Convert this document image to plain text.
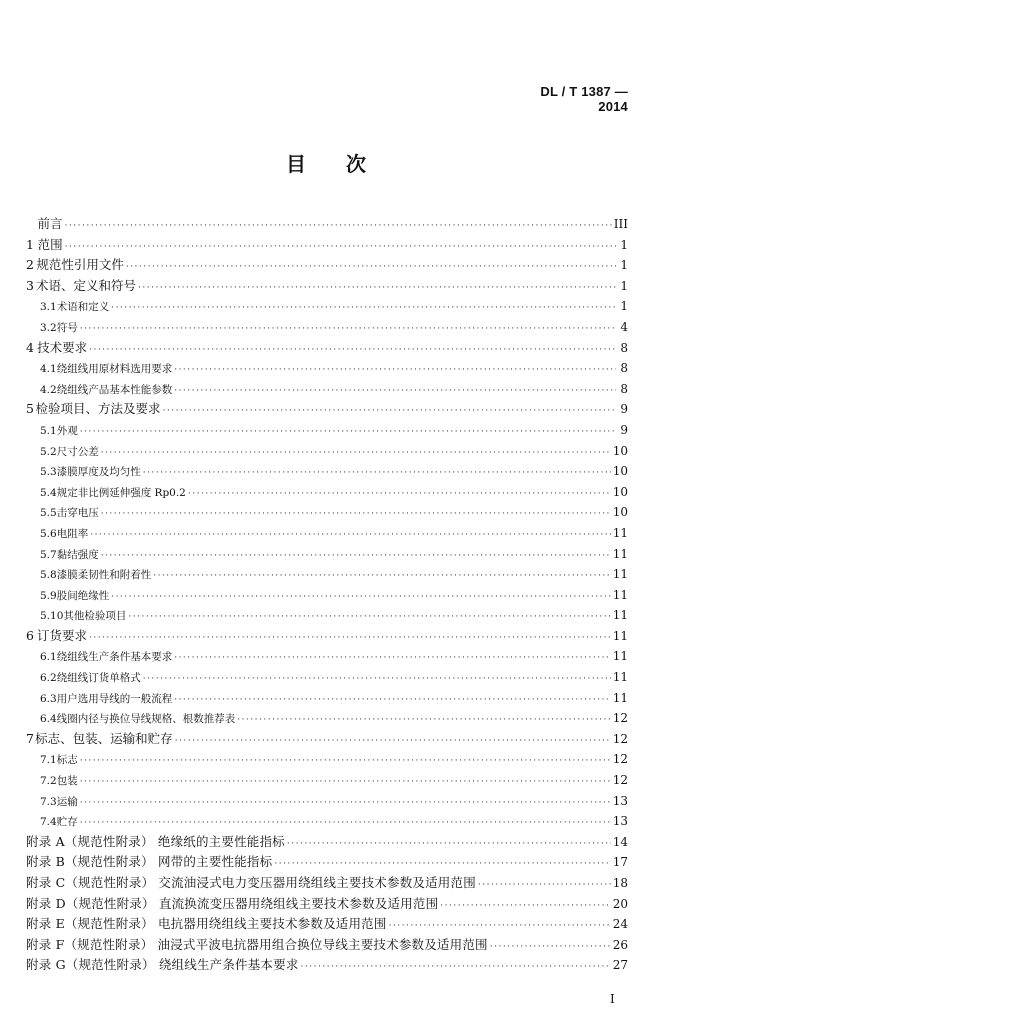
DL / T 1387 — 2014
目 次
前言 ·····	III
1 范围 ·····	1
2 规范性引用文件 ·····	1
3 术语、定义和符号 ·····	1
3.1 术语和定义 ·····	1
3.2 符号 ·····	4
4 技术要求 ·····	8
4.1 绕组线用原材料选用要求 ·····	8
4.2 绕组线产品基本性能参数 ·····	8
5 检验项目、方法及要求 ·····	9
5.1 外观 ·····	9
5.2 尺寸公差 ·····	10
5.3 漆膜厚度及均匀性 ·····	10
5.4 规定非比例延伸强度 Rp0.2 ·····	10
5.5 击穿电压 ·····	10
5.6 电阻率 ·····	11
5.7 黏结强度 ·····	11
5.8 漆膜柔韧性和附着性 ·····	11
5.9 股间绝缘性 ·····	11
5.10 其他检验项目 ·····	11
6 订货要求 ·····	11
6.1 绕组线生产条件基本要求 ·····	11
6.2 绕组线订货单格式 ·····	11
6.3 用户选用导线的一般流程 ·····	11
6.4 线圈内径与换位导线规格、根数推荐表 ·····	12
7 标志、包装、运输和贮存 ·····	12
7.1 标志 ·····	12
7.2 包装 ·····	12
7.3 运输 ·····	13
7.4 贮存 ·····	13
附录 A（规范性附录） 绝缘纸的主要性能指标 ·····	14
附录 B（规范性附录） 网带的主要性能指标 ·····	17
附录 C（规范性附录） 交流油浸式电力变压器用绕组线主要技术参数及适用范围 ·····	18
附录 D（规范性附录） 直流换流变压器用绕组线主要技术参数及适用范围 ·····	20
附录 E（规范性附录） 电抗器用绕组线主要技术参数及适用范围 ·····	24
附录 F（规范性附录） 油浸式平波电抗器用组合换位导线主要技术参数及适用范围 ·····	26
附录 G（规范性附录） 绕组线生产条件基本要求 ·····	27
I
